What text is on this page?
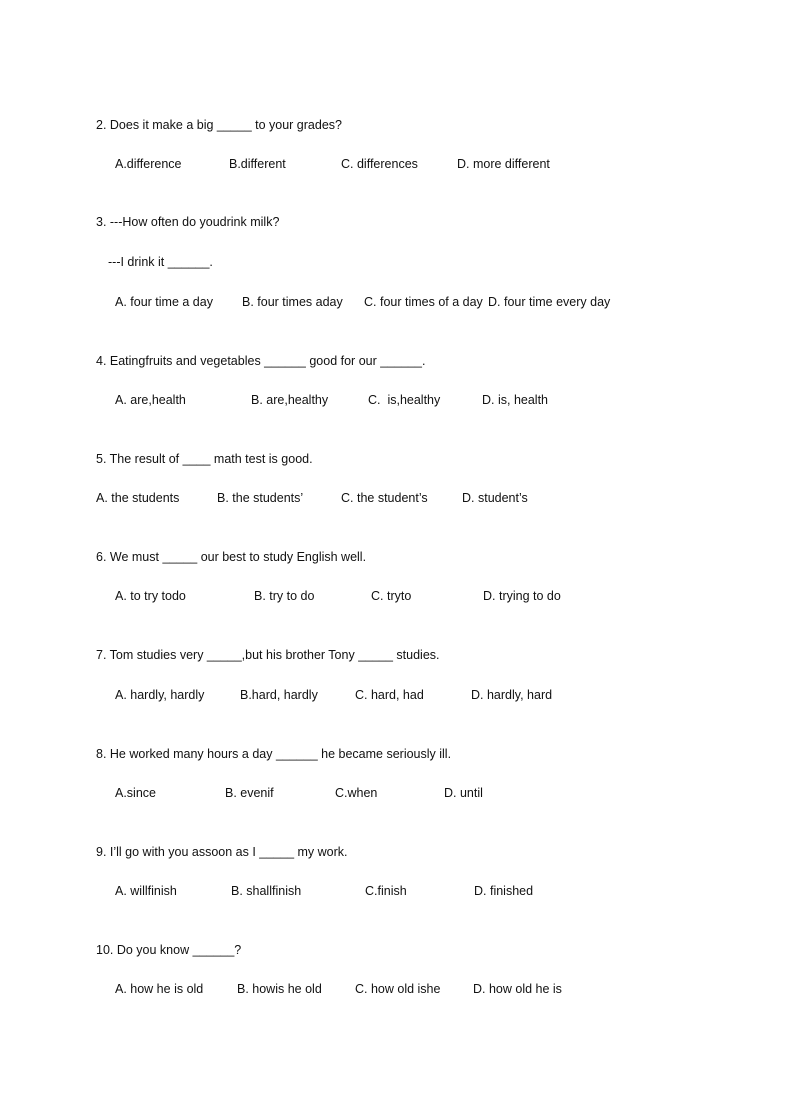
2. Does it make a big _____ to your grades?
A.difference	B.different	C. differences	D. more different
3. ---How often do youdrink milk?
---I drink it ______.
A. four time a day B. four times aday C. four times of a day D. four time every day
4. Eatingfruits and vegetables ______ good for our ______.
A. are,health	B. are,healthy	C.  is,healthy	D. is, health
5. The result of ____ math test is good.
A. the students	B. the students’	C. the student’s	D. student’s
6. We must _____ our best to study English well.
A. to try todo	B. try to do	C. tryto	D. trying to do
7. Tom studies very _____,but his brother Tony _____ studies.
A. hardly, hardly	B.hard, hardly	C. hard, had	D. hardly, hard
8. He worked many hours a day ______ he became seriously ill.
A.since	B. evenif	C.when	D. until
9. I’ll go with you assoon as I _____ my work.
A. willfinish	B. shallfinish	C.finish	D. finished
10. Do you know ______?
A. how he is old	B. howis he old	C. how old ishe	D. how old he is
